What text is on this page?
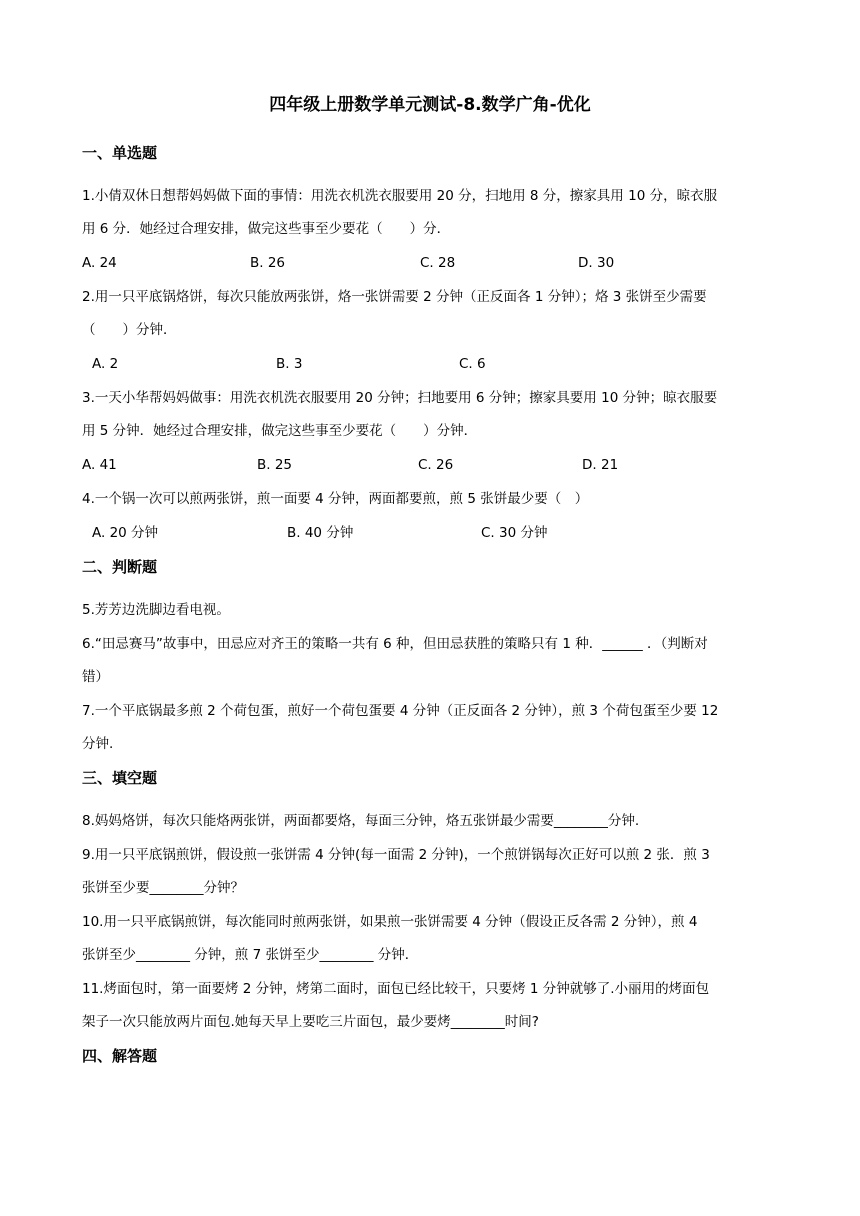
四年级上册数学单元测试-8.数学广角-优化
一、单选题
1.小倩双休日想帮妈妈做下面的事情：用洗衣机洗衣服要用 20 分，扫地用 8 分，擦家具用 10 分，晾衣服
用 6 分．她经过合理安排，做完这些事至少要花（　　）分．
A. 24	B. 26	C. 28	D. 30
2.用一只平底锅烙饼，每次只能放两张饼，烙一张饼需要 2 分钟（正反面各 1 分钟）；烙 3 张饼至少需要
（　　）分钟．
A. 2	B. 3	C. 6
3.一天小华帮妈妈做事：用洗衣机洗衣服要用 20 分钟；扫地要用 6 分钟；擦家具要用 10 分钟；晾衣服要
用 5 分钟．她经过合理安排，做完这些事至少要花（　　）分钟．
A. 41	B. 25	C. 26	D. 21
4.一个锅一次可以煎两张饼，煎一面要 4 分钟，两面都要煎，煎 5 张饼最少要（　）
A. 20 分钟	B. 40 分钟	C. 30 分钟
二、判断题
5.芳芳边洗脚边看电视。
6.“田忌赛马”故事中，田忌应对齐王的策略一共有 6 种，但田忌获胜的策略只有 1 种．______ ．（判断对
错）
7.一个平底锅最多煎 2 个荷包蛋，煎好一个荷包蛋要 4 分钟（正反面各 2 分钟），煎 3 个荷包蛋至少要 12
分钟.
三、填空题
8.妈妈烙饼，每次只能烙两张饼，两面都要烙，每面三分钟，烙五张饼最少需要________分钟.
9.用一只平底锅煎饼，假设煎一张饼需 4 分钟(每一面需 2 分钟)，一个煎饼锅每次正好可以煎 2 张．煎 3
张饼至少要________分钟？
10.用一只平底锅煎饼，每次能同时煎两张饼，如果煎一张饼需要 4 分钟（假设正反各需 2 分钟），煎 4
张饼至少________ 分钟，煎 7 张饼至少________ 分钟．
11.烤面包时，第一面要烤 2 分钟，烤第二面时，面包已经比较干，只要烤 1 分钟就够了.小丽用的烤面包
架子一次只能放两片面包.她每天早上要吃三片面包，最少要烤________时间?
四、解答题
